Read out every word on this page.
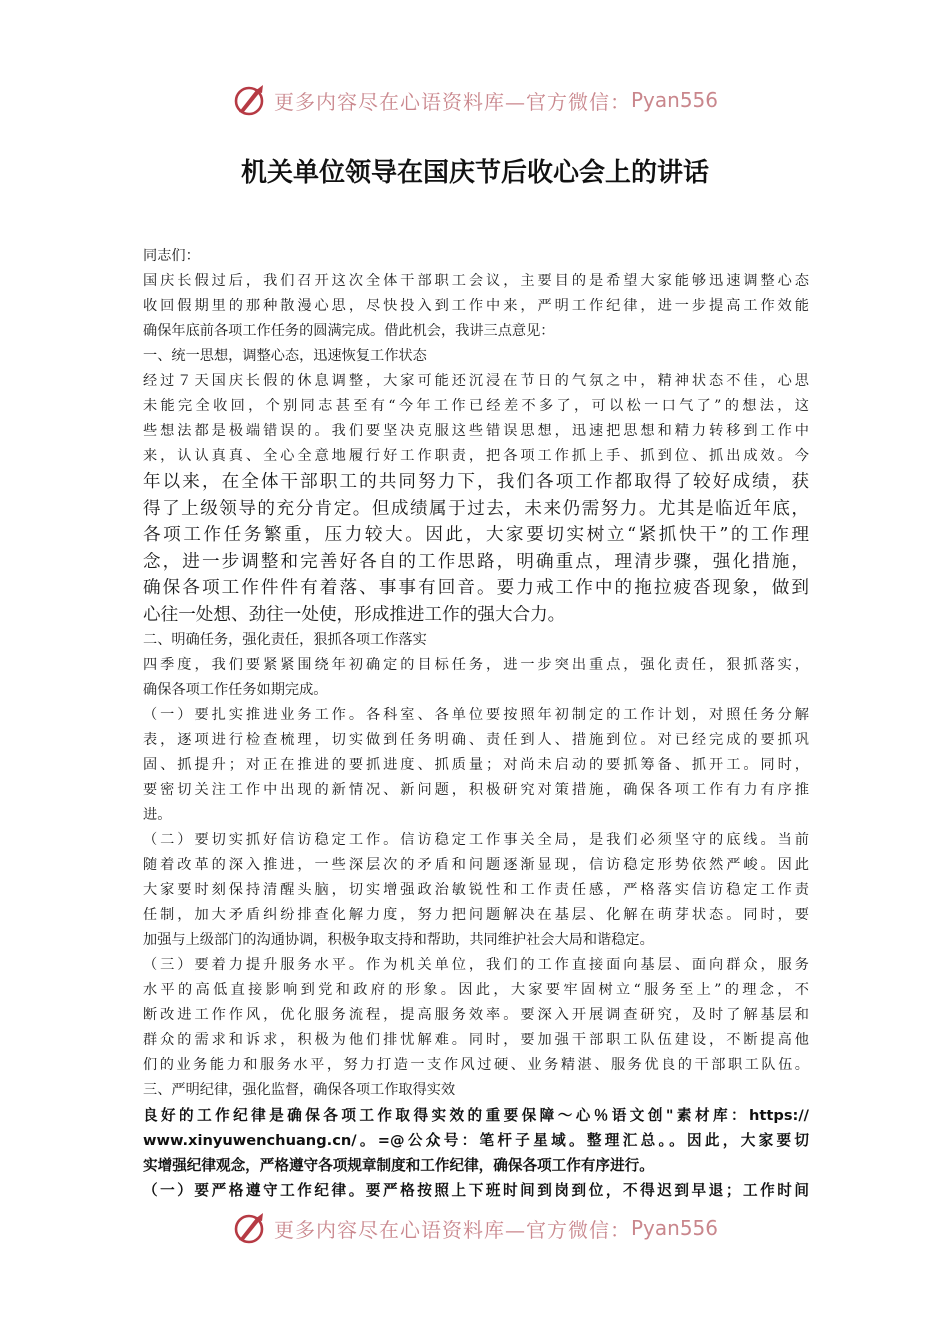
更多内容尽在心语资料库—官方微信： Pyan556
机关单位领导在国庆节后收心会上的讲话
同志们：
国庆长假过后，我们召开这次全体干部职工会议，主要目的是希望大家能够迅速调整心态
收回假期里的那种散漫心思，尽快投入到工作中来，严明工作纪律，进一步提高工作效能
确保年底前各项工作任务的圆满完成。借此机会，我讲三点意见：
一、统一思想，调整心态，迅速恢复工作状态
经过７天国庆长假的休息调整，大家可能还沉浸在节日的气氛之中，精神状态不佳，心思
未能完全收回，个别同志甚至有“今年工作已经差不多了，可以松一口气了”的想法，这
些想法都是极端错误的。我们要坚决克服这些错误思想，迅速把思想和精力转移到工作中
来，认认真真、全心全意地履行好工作职责，把各项工作抓上手、抓到位、抓出成效。今
年以来，在全体干部职工的共同努力下，我们各项工作都取得了较好成绩，获
得了上级领导的充分肯定。但成绩属于过去，未来仍需努力。尤其是临近年底，
各项工作任务繁重，压力较大。因此，大家要切实树立“紧抓快干”的工作理
念，进一步调整和完善好各自的工作思路，明确重点，理清步骤，强化措施，
确保各项工作件件有着落、事事有回音。要力戒工作中的拖拉疲沓现象，做到
心往一处想、劲往一处使，形成推进工作的强大合力。
二、明确任务，强化责任，狠抓各项工作落实
四季度，我们要紧紧围绕年初确定的目标任务，进一步突出重点，强化责任，狠抓落实，
确保各项工作任务如期完成。
（一）要扎实推进业务工作。各科室、各单位要按照年初制定的工作计划，对照任务分解
表，逐项进行检查梳理，切实做到任务明确、责任到人、措施到位。对已经完成的要抓巩
固、抓提升；对正在推进的要抓进度、抓质量；对尚未启动的要抓筹备、抓开工。同时，
要密切关注工作中出现的新情况、新问题，积极研究对策措施，确保各项工作有力有序推
进。
（二）要切实抓好信访稳定工作。信访稳定工作事关全局，是我们必须坚守的底线。当前
随着改革的深入推进，一些深层次的矛盾和问题逐渐显现，信访稳定形势依然严峻。因此
大家要时刻保持清醒头脑，切实增强政治敏锐性和工作责任感，严格落实信访稳定工作责
任制，加大矛盾纠纷排查化解力度，努力把问题解决在基层、化解在萌芽状态。同时，要
加强与上级部门的沟通协调，积极争取支持和帮助，共同维护社会大局和谐稳定。
（三）要着力提升服务水平。作为机关单位，我们的工作直接面向基层、面向群众，服务
水平的高低直接影响到党和政府的形象。因此，大家要牢固树立“服务至上”的理念，不
断改进工作作风，优化服务流程，提高服务效率。要深入开展调查研究，及时了解基层和
群众的需求和诉求，积极为他们排忧解难。同时，要加强干部职工队伍建设，不断提高他
们的业务能力和服务水平，努力打造一支作风过硬、业务精湛、服务优良的干部职工队伍。
三、严明纪律，强化监督，确保各项工作取得实效
良好的工作纪律是确保各项工作取得实效的重要保障～心％语文创"素材库：https://
www.xinyuwenchuang.cn/。=@公众号：笔杆子星域。整理汇总。。因此，大家要切
实增强纪律观念，严格遵守各项规章制度和工作纪律，确保各项工作有序进行。
（一）要严格遵守工作纪律。要严格按照上下班时间到岗到位，不得迟到早退；工作时间
更多内容尽在心语资料库—官方微信： Pyan556
